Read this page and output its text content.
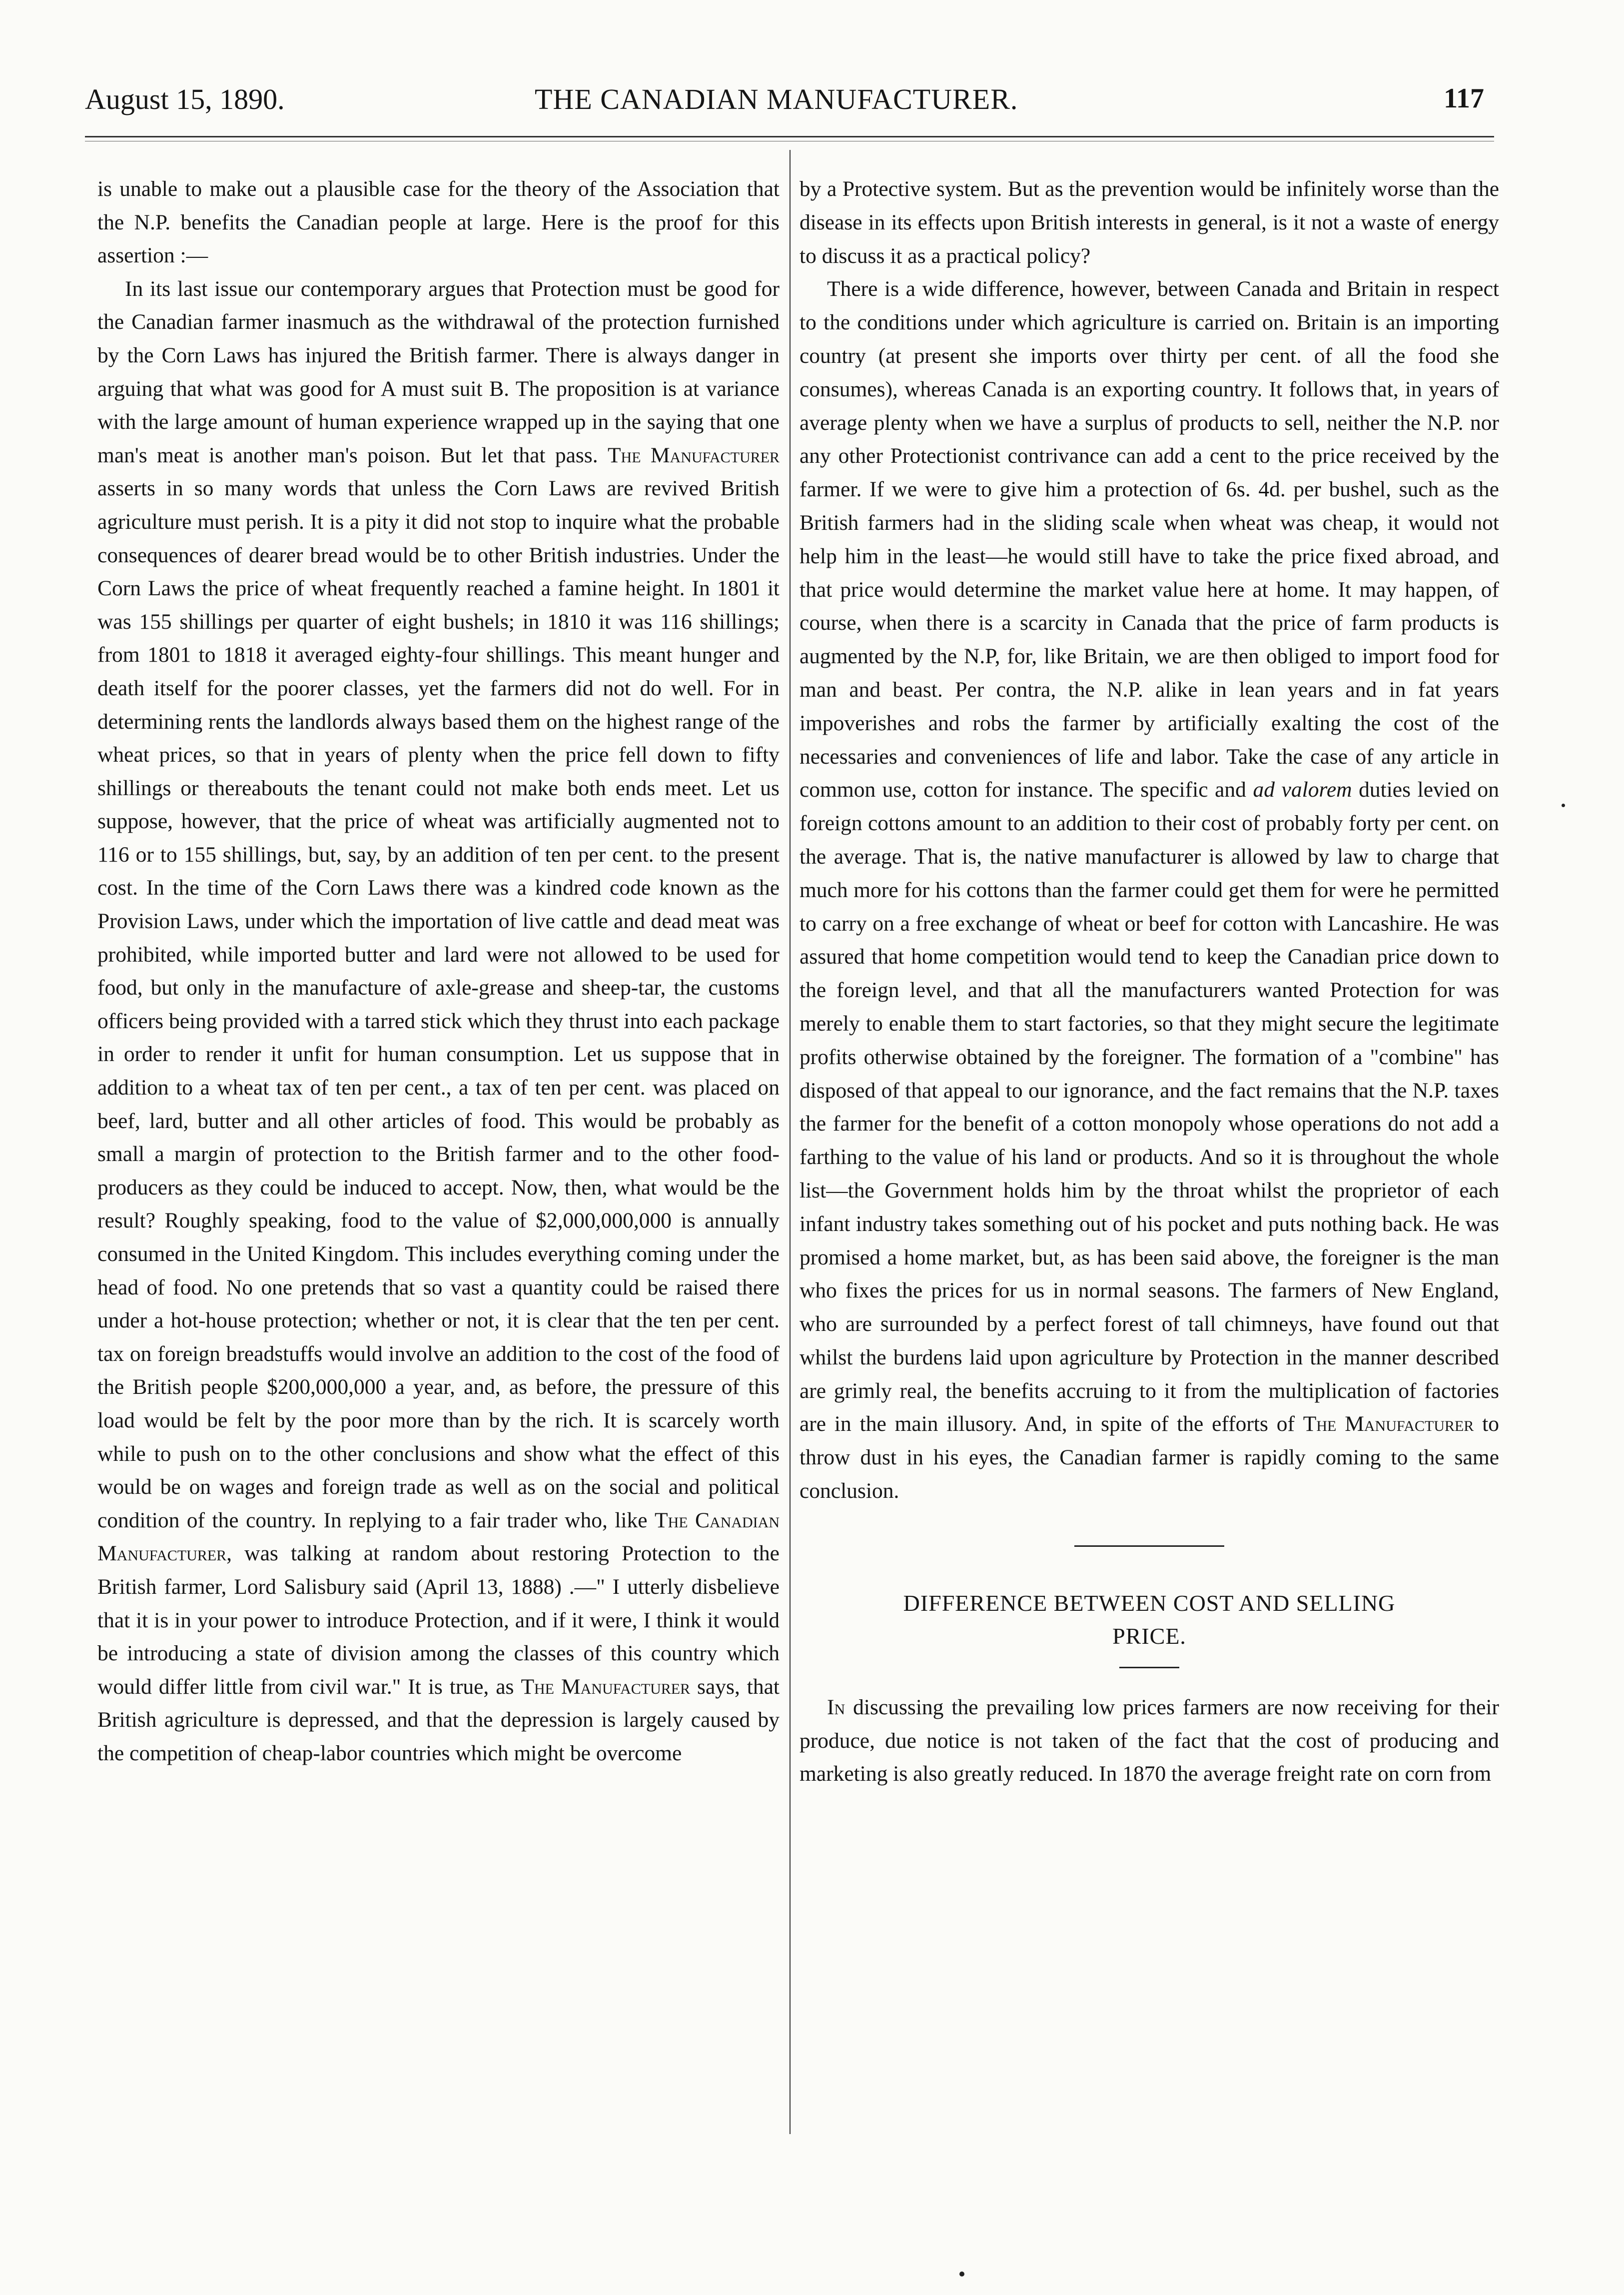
August 15, 1890.	THE CANADIAN MANUFACTURER.	117

is unable to make out a plausible case for the theory of the Association that the N.P. benefits the Canadian people at large. Here is the proof for this assertion :—

In its last issue our contemporary argues that Protection must be good for the Canadian farmer inasmuch as the withdrawal of the protection furnished by the Corn Laws has injured the British farmer. There is always danger in arguing that what was good for A must suit B. The proposition is at variance with the large amount of human experience wrapped up in the saying that one man's meat is another man's poison. But let that pass. The Manufacturer asserts in so many words that unless the Corn Laws are revived British agriculture must perish. It is a pity it did not stop to inquire what the probable consequences of dearer bread would be to other British industries. Under the Corn Laws the price of wheat frequently reached a famine height. In 1801 it was 155 shillings per quarter of eight bushels; in 1810 it was 116 shillings; from 1801 to 1818 it averaged eighty-four shillings. This meant hunger and death itself for the poorer classes, yet the farmers did not do well. For in determining rents the landlords always based them on the highest range of the wheat prices, so that in years of plenty when the price fell down to fifty shillings or thereabouts the tenant could not make both ends meet. Let us suppose, however, that the price of wheat was artificially augmented not to 116 or to 155 shillings, but, say, by an addition of ten per cent. to the present cost. In the time of the Corn Laws there was a kindred code known as the Provision Laws, under which the importation of live cattle and dead meat was prohibited, while imported butter and lard were not allowed to be used for food, but only in the manufacture of axle-grease and sheep-tar, the customs officers being provided with a tarred stick which they thrust into each package in order to render it unfit for human consumption. Let us suppose that in addition to a wheat tax of ten per cent., a tax of ten per cent. was placed on beef, lard, butter and all other articles of food. This would be probably as small a margin of protection to the British farmer and to the other food-producers as they could be induced to accept. Now, then, what would be the result? Roughly speaking, food to the value of $2,000,000,000 is annually consumed in the United Kingdom. This includes everything coming under the head of food. No one pretends that so vast a quantity could be raised there under a hot-house protection; whether or not, it is clear that the ten per cent. tax on foreign breadstuffs would involve an addition to the cost of the food of the British people $200,000,000 a year, and, as before, the pressure of this load would be felt by the poor more than by the rich. It is scarcely worth while to push on to the other conclusions and show what the effect of this would be on wages and foreign trade as well as on the social and political condition of the country. In replying to a fair trader who, like The Canadian Manufacturer, was talking at random about restoring Protection to the British farmer, Lord Salisbury said (April 13, 1888) .—" I utterly disbelieve that it is in your power to introduce Protection, and if it were, I think it would be introducing a state of division among the classes of this country which would differ little from civil war." It is true, as The Manufacturer says, that British agriculture is depressed, and that the depression is largely caused by the competition of cheap-labor countries which might be overcome

by a Protective system. But as the prevention would be infinitely worse than the disease in its effects upon British interests in general, is it not a waste of energy to discuss it as a practical policy?

There is a wide difference, however, between Canada and Britain in respect to the conditions under which agriculture is carried on. Britain is an importing country (at present she imports over thirty per cent. of all the food she consumes), whereas Canada is an exporting country. It follows that, in years of average plenty when we have a surplus of products to sell, neither the N.P. nor any other Protectionist contrivance can add a cent to the price received by the farmer. If we were to give him a protection of 6s. 4d. per bushel, such as the British farmers had in the sliding scale when wheat was cheap, it would not help him in the least—he would still have to take the price fixed abroad, and that price would determine the market value here at home. It may happen, of course, when there is a scarcity in Canada that the price of farm products is augmented by the N.P, for, like Britain, we are then obliged to import food for man and beast. Per contra, the N.P. alike in lean years and in fat years impoverishes and robs the farmer by artificially exalting the cost of the necessaries and conveniences of life and labor. Take the case of any article in common use, cotton for instance. The specific and ad valorem duties levied on foreign cottons amount to an addition to their cost of probably forty per cent. on the average. That is, the native manufacturer is allowed by law to charge that much more for his cottons than the farmer could get them for were he permitted to carry on a free exchange of wheat or beef for cotton with Lancashire. He was assured that home competition would tend to keep the Canadian price down to the foreign level, and that all the manufacturers wanted Protection for was merely to enable them to start factories, so that they might secure the legitimate profits otherwise obtained by the foreigner. The formation of a "combine" has disposed of that appeal to our ignorance, and the fact remains that the N.P. taxes the farmer for the benefit of a cotton monopoly whose operations do not add a farthing to the value of his land or products. And so it is throughout the whole list—the Government holds him by the throat whilst the proprietor of each infant industry takes something out of his pocket and puts nothing back. He was promised a home market, but, as has been said above, the foreigner is the man who fixes the prices for us in normal seasons. The farmers of New England, who are surrounded by a perfect forest of tall chimneys, have found out that whilst the burdens laid upon agriculture by Protection in the manner described are grimly real, the benefits accruing to it from the multiplication of factories are in the main illusory. And, in spite of the efforts of The Manufacturer to throw dust in his eyes, the Canadian farmer is rapidly coming to the same conclusion.

DIFFERENCE BETWEEN COST AND SELLING
PRICE.

In discussing the prevailing low prices farmers are now receiving for their produce, due notice is not taken of the fact that the cost of producing and marketing is also greatly reduced. In 1870 the average freight rate on corn from
